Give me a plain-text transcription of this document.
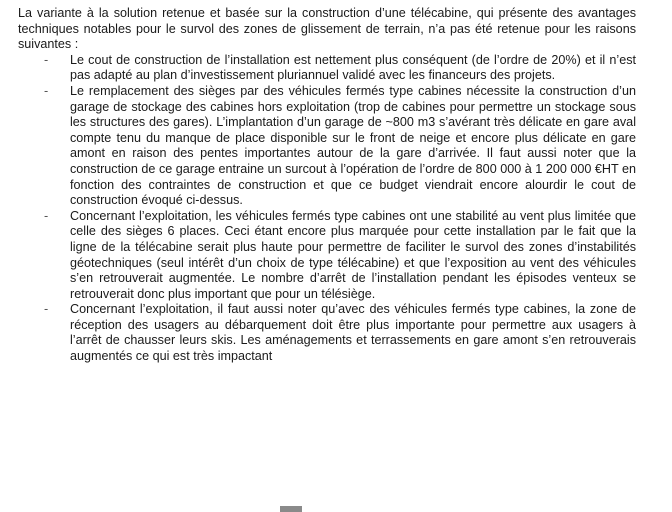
La variante à la solution retenue et basée sur la construction d’une télécabine, qui présente des avantages techniques notables pour le survol des zones de glissement de terrain, n’a pas été retenue pour les raisons suivantes :

- Le cout de construction de l’installation est nettement plus conséquent (de l’ordre de 20%) et il n’est pas adapté au plan d’investissement pluriannuel validé avec les financeurs des projets.
- Le remplacement des sièges par des véhicules fermés type cabines nécessite la construction d’un garage de stockage des cabines hors exploitation (trop de cabines pour permettre un stockage sous les structures des gares). L’implantation d’un garage de ~800 m3 s’avérant très délicate en gare aval compte tenu du manque de place disponible sur le front de neige et encore plus délicate en gare amont en raison des pentes importantes autour de la gare d’arrivée. Il faut aussi noter que la construction de ce garage entraine un surcout à l’opération de l’ordre de 800 000 à 1 200 000 €HT en fonction des contraintes de construction et que ce budget viendrait encore alourdir le cout de construction évoqué ci-dessus.
- Concernant l’exploitation, les véhicules fermés type cabines ont une stabilité au vent plus limitée que celle des sièges 6 places. Ceci étant encore plus marquée pour cette installation par le fait que la ligne de la télécabine serait plus haute pour permettre de faciliter le survol des zones d’instabilités géotechniques (seul intérêt d’un choix de type télécabine) et que l’exposition au vent des véhicules s’en retrouverait augmentée. Le nombre d’arrêt de l’installation pendant les épisodes venteux se retrouverait donc plus important que pour un télésiège.
- Concernant l’exploitation, il faut aussi noter qu’avec des véhicules fermés type cabines, la zone de réception des usagers au débarquement doit être plus importante pour permettre aux usagers à l’arrêt de chausser leurs skis. Les aménagements et terrassements en gare amont s’en retrouverais augmentés ce qui est très impactant
